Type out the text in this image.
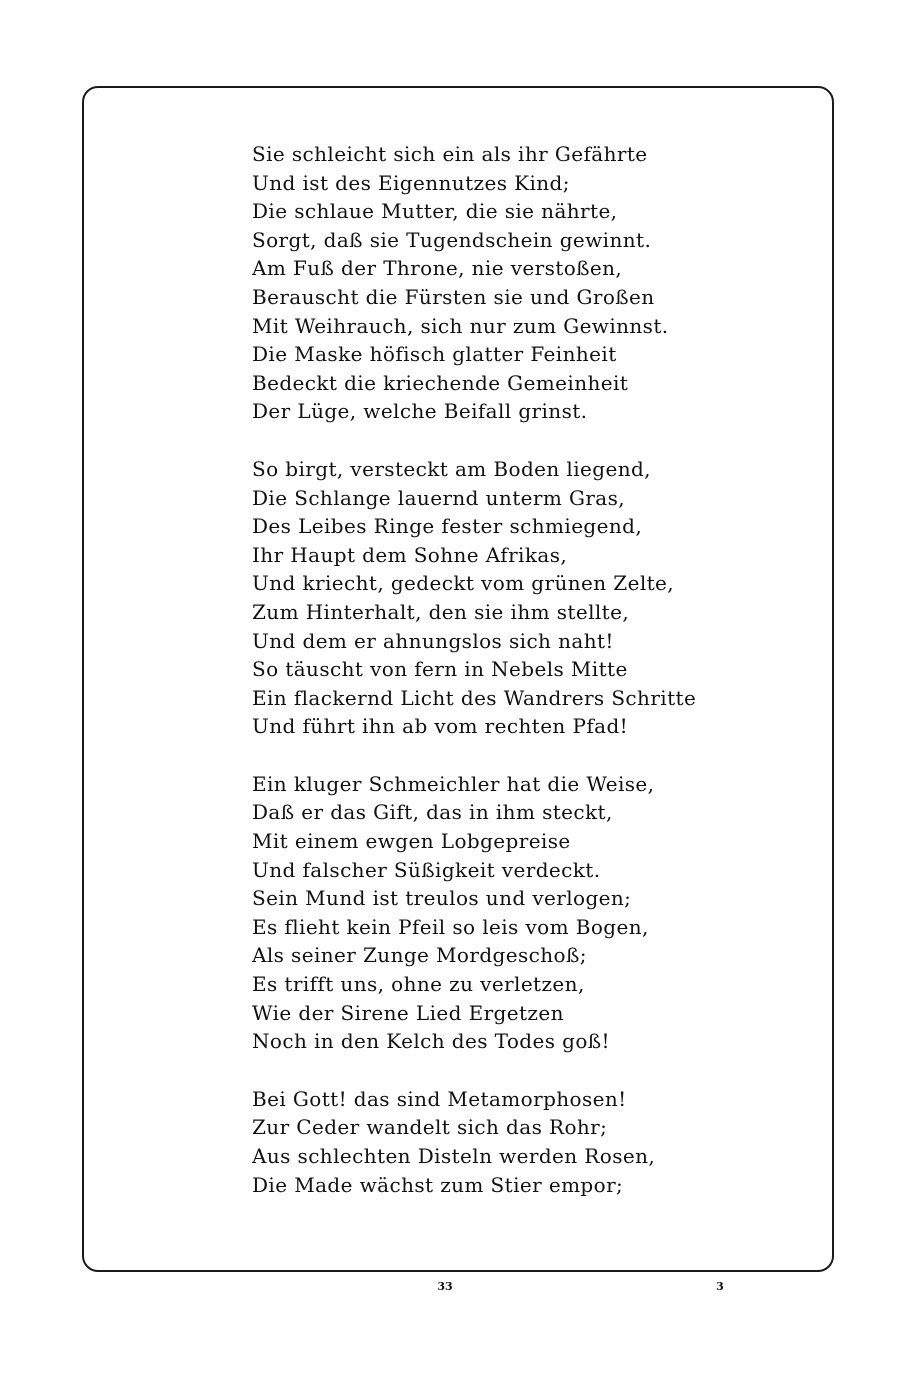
Sie schleicht sich ein als ihr Gefährte
Und ist des Eigennutzes Kind;
Die schlaue Mutter, die sie nährte,
Sorgt, daß sie Tugendschein gewinnt.
Am Fuß der Throne, nie verstoßen,
Berauscht die Fürsten sie und Großen
Mit Weihrauch, sich nur zum Gewinnst.
Die Maske höfisch glatter Feinheit
Bedeckt die kriechende Gemeinheit
Der Lüge, welche Beifall grinst.
So birgt, versteckt am Boden liegend,
Die Schlange lauernd unterm Gras,
Des Leibes Ringe fester schmiegend,
Ihr Haupt dem Sohne Afrikas,
Und kriecht, gedeckt vom grünen Zelte,
Zum Hinterhalt, den sie ihm stellte,
Und dem er ahnungslos sich naht!
So täuscht von fern in Nebels Mitte
Ein flackernd Licht des Wandrers Schritte
Und führt ihn ab vom rechten Pfad!
Ein kluger Schmeichler hat die Weise,
Daß er das Gift, das in ihm steckt,
Mit einem ewgen Lobgepreise
Und falscher Süßigkeit verdeckt.
Sein Mund ist treulos und verlogen;
Es flieht kein Pfeil so leis vom Bogen,
Als seiner Zunge Mordgeschoß;
Es trifft uns, ohne zu verletzen,
Wie der Sirene Lied Ergetzen
Noch in den Kelch des Todes goß!
Bei Gott! das sind Metamorphosen!
Zur Ceder wandelt sich das Rohr;
Aus schlechten Disteln werden Rosen,
Die Made wächst zum Stier empor;
33	3
